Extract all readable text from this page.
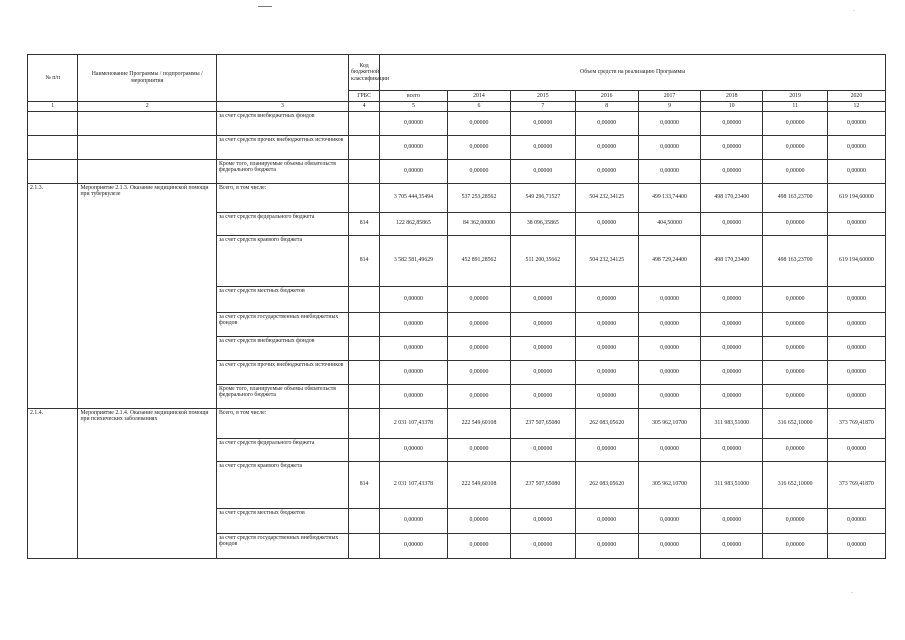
·
·
№ п/п	Наименование Программы / подпрограммы / мероприятия		Код бюджетной классификации	Объем средств на реализацию Программы							
			ГРБС	всего	2014	2015	2016	2017	2018	2019	2020
1	2	3	4	5	6	7	8	9	10	11	12
		за счет средств внебюджетных фондов		0,00000	0,00000	0,00000	0,00000	0,00000	0,00000	0,00000	0,00000
		за счет средств прочих внебюджетных источников		0,00000	0,00000	0,00000	0,00000	0,00000	0,00000	0,00000	0,00000
		Кроме того, планируемые объемы обязательств федерального бюджета		0,00000	0,00000	0,00000	0,00000	0,00000	0,00000	0,00000	0,00000
2.1.3.	Мероприятие 2.1.3. Оказание медицинской помощи при туберкулезе	Всего, в том числе:		3 705 444,35494	537 253,28562	549 296,71527	504 232,34125	499 133,74400	498 170,23400	498 163,23700	619 194,60000
		за счет средств федерального бюджета	814	122 862,85865	84 362,00000	38 096,35865	0,00000	404,50000	0,00000	0,00000	0,00000
		за счет средств краевого бюджета	814	3 582 581,49629	452 891,28562	511 200,35662	504 232,34125	498 729,24400	498 170,23400	498 163,23700	619 194,60000
		за счет средств местных бюджетов		0,00000	0,00000	0,00000	0,00000	0,00000	0,00000	0,00000	0,00000
		за счет средств государственных внебюджетных фондов		0,00000	0,00000	0,00000	0,00000	0,00000	0,00000	0,00000	0,00000
		за счет средств внебюджетных фондов		0,00000	0,00000	0,00000	0,00000	0,00000	0,00000	0,00000	0,00000
		за счет средств прочих внебюджетных источников		0,00000	0,00000	0,00000	0,00000	0,00000	0,00000	0,00000	0,00000
		Кроме того, планируемые объемы обязательств федерального бюджета		0,00000	0,00000	0,00000	0,00000	0,00000	0,00000	0,00000	0,00000
2.1.4.	Мероприятие 2.1.4. Оказание медицинской помощи при психических заболеваниях	Всего, в том числе:		2 031 107,43378	222 549,60108	237 507,65080	262 083,05620	305 962,10700	311 983,51000	316 652,10000	373 769,41870
		за счет средств федерального бюджета		0,00000	0,00000	0,00000	0,00000	0,00000	0,00000	0,00000	0,00000
		за счет средств краевого бюджета	814	2 031 107,43378	222 549,60108	237 507,65080	262 083,05620	305 962,10700	311 983,51000	316 652,10000	373 769,41870
		за счет средств местных бюджетов		0,00000	0,00000	0,00000	0,00000	0,00000	0,00000	0,00000	0,00000
		за счет средств государственных внебюджетных фондов		0,00000	0,00000	0,00000	0,00000	0,00000	0,00000	0,00000	0,00000
